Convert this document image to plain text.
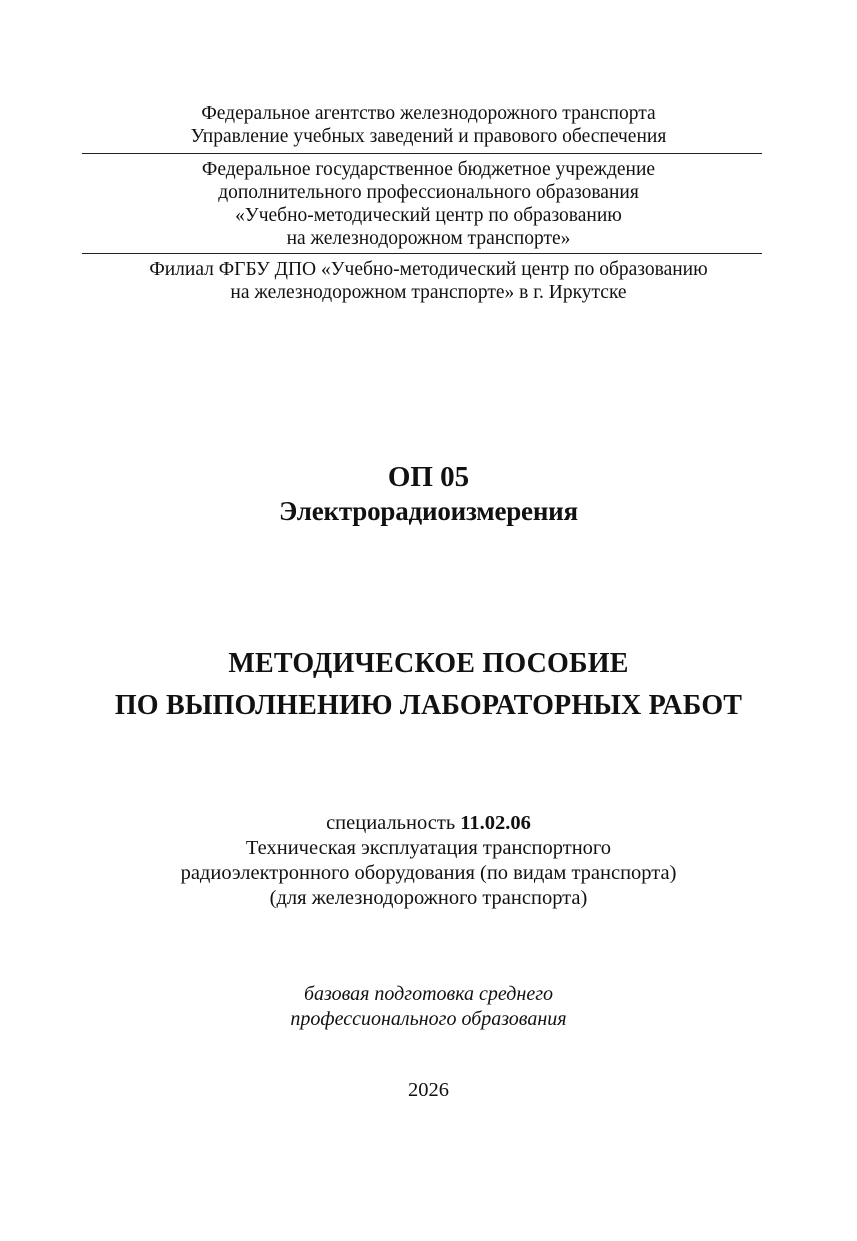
Федеральное агентство железнодорожного транспорта
Управление учебных заведений и правового обеспечения
Федеральное государственное бюджетное учреждение
дополнительного профессионального образования
«Учебно-методический центр по образованию
на железнодорожном транспорте»
Филиал ФГБУ ДПО «Учебно-методический центр по образованию
на железнодорожном транспорте» в г. Иркутске
ОП 05
Электрорадиоизмерения
МЕТОДИЧЕСКОЕ ПОСОБИЕ
ПО ВЫПОЛНЕНИЮ ЛАБОРАТОРНЫХ РАБОТ
специальность 11.02.06
Техническая эксплуатация транспортного
радиоэлектронного оборудования (по видам транспорта)
(для железнодорожного транспорта)
базовая подготовка среднего
профессионального образования
2026
